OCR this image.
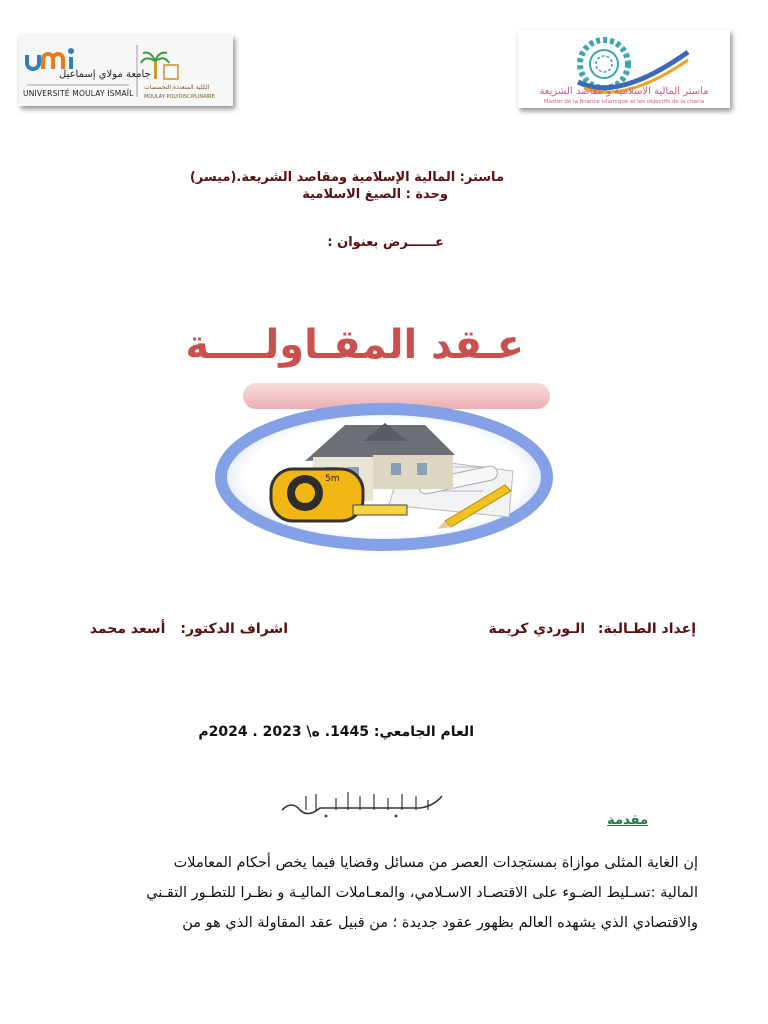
جامعة مولاي إسماعيل
UNIVERSITÉ MOULAY ISMAÏL
الكلية المتعددة التخصصات
MOULAY POLYDISCIPLINAIRE	ماستر المالية الاسلامية و مقاصد الشريعة
Master de la finance islamique et les objectifs de la charia
ماستر: المالية الإسلامية ومقاصد الشريعة.(ميسر)
وحدة : الصيغ الاسلامية
عــــــرض بعنوان :
عـقد المقـاولــــة
5m
إعداد الطـالبة: الـوردي كريمة
اشراف الدكتور: أسعد محمد
العام الجامعي: 1445. ه\ 2023 . 2024م
مقدمة
إن الغاية المثلى موازاة بمستجدات العصر من مسائل وقضايا فيما يخص أحكام المعاملات
المالية :تسـليط الضـوء على الاقتصـاد الاسـلامي، والمعـاملات الماليـة و نظـرا للتطـور التقـني
والاقتصادي الذي يشهده العالم بظهور عقود جديدة ؛ من قبيل عقد المقاولة الذي هو من
